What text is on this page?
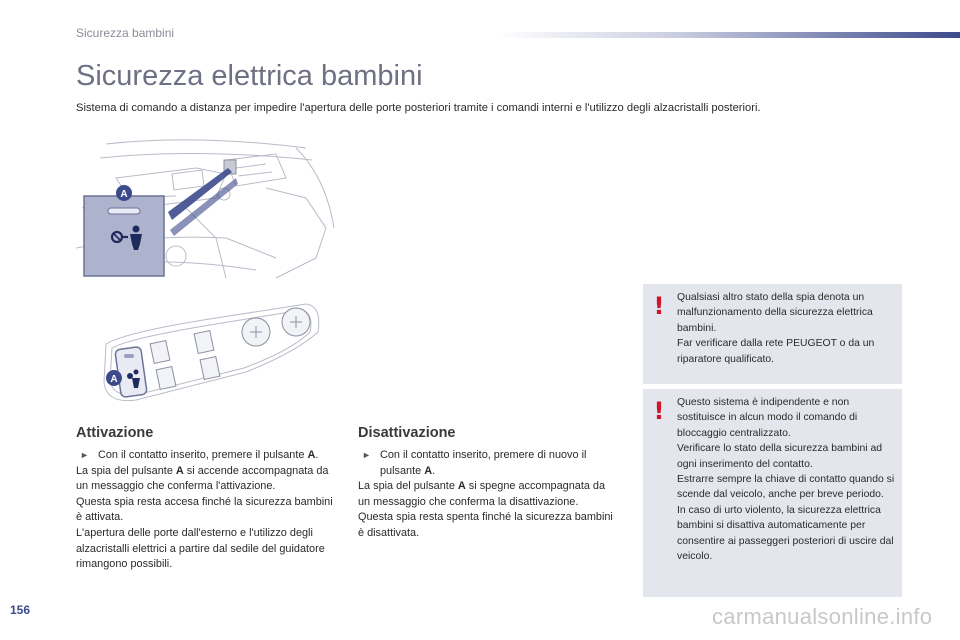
Sicurezza bambini
Sicurezza elettrica bambini
Sistema di comando a distanza per impedire l'apertura delle porte posteriori tramite i comandi interni e l'utilizzo degli alzacristalli posteriori.
A
A
Attivazione
► Con il contatto inserito, premere il pulsante A.
La spia del pulsante A si accende accompagnata da un messaggio che conferma l'attivazione.
Questa spia resta accesa finché la sicurezza bambini è attivata.
L'apertura delle porte dall'esterno e l'utilizzo degli alzacristalli elettrici a partire dal sedile del guidatore rimangono possibili.
Disattivazione
► Con il contatto inserito, premere di nuovo il pulsante A.
La spia del pulsante A si spegne accompagnata da un messaggio che conferma la disattivazione.
Questa spia resta spenta finché la sicurezza bambini è disattivata.
! Qualsiasi altro stato della spia denota un malfunzionamento della sicurezza elettrica bambini.
Far verificare dalla rete PEUGEOT o da un riparatore qualificato.
! Questo sistema è indipendente e non sostituisce in alcun modo il comando di bloccaggio centralizzato.
Verificare lo stato della sicurezza bambini ad ogni inserimento del contatto.
Estrarre sempre la chiave di contatto quando si scende dal veicolo, anche per breve periodo.
In caso di urto violento, la sicurezza elettrica bambini si disattiva automaticamente per consentire ai passeggeri posteriori di uscire dal veicolo.
156	carmanualsonline.info
